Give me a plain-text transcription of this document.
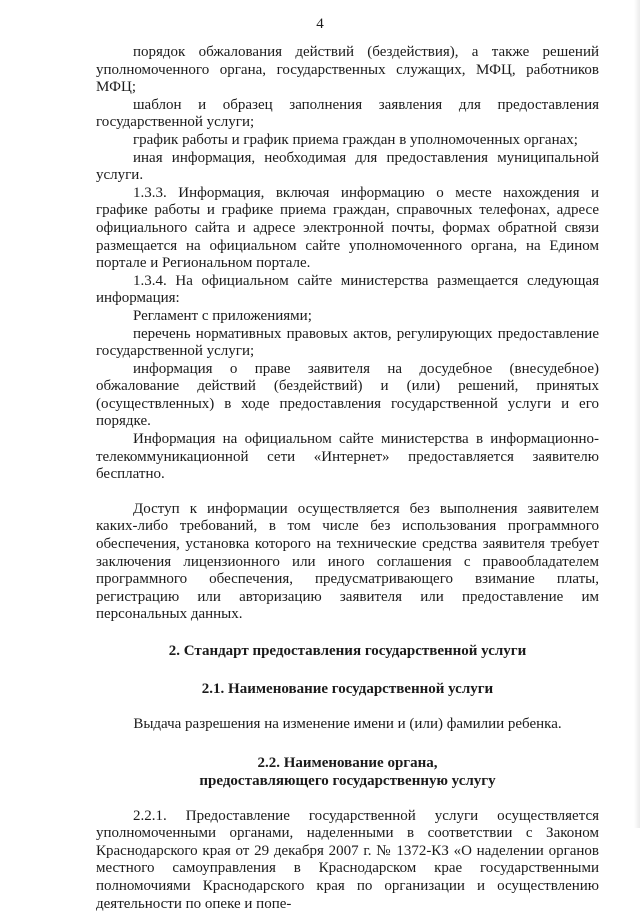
4

порядок обжалования действий (бездействия), а также решений уполномоченного органа, государственных служащих, МФЦ, работников МФЦ;

шаблон и образец заполнения заявления для предоставления государственной услуги;

график работы и график приема граждан в уполномоченных органах;

иная информация, необходимая для предоставления муниципальной услуги.

1.3.3. Информация, включая информацию о месте нахождения и графике работы и графике приема граждан, справочных телефонах, адресе официального сайта и адресе электронной почты, формах обратной связи размещается на официальном сайте уполномоченного органа, на Едином портале и Региональном портале.

1.3.4. На официальном сайте министерства размещается следующая информация:

Регламент с приложениями;

перечень нормативных правовых актов, регулирующих предоставление государственной услуги;

информация о праве заявителя на досудебное (внесудебное) обжалование действий (бездействий) и (или) решений, принятых (осуществленных) в ходе предоставления государственной услуги и его порядке.

Информация на официальном сайте министерства в информационно-телекоммуникационной сети «Интернет» предоставляется заявителю бесплатно.

Доступ к информации осуществляется без выполнения заявителем каких-либо требований, в том числе без использования программного обеспечения, установка которого на технические средства заявителя требует заключения лицензионного или иного соглашения с правообладателем программного обеспечения, предусматривающего взимание платы, регистрацию или авторизацию заявителя или предоставление им персональных данных.

2. Стандарт предоставления государственной услуги
2.1. Наименование государственной услуги

Выдача разрешения на изменение имени и (или) фамилии ребенка.

2.2. Наименование органа,
предоставляющего государственную услугу

2.2.1. Предоставление государственной услуги осуществляется уполномоченными органами, наделенными в соответствии с Законом Краснодарского края от 29 декабря 2007 г. № 1372-КЗ «О наделении органов местного самоуправления в Краснодарском крае государственными полномочиями Краснодарского края по организации и осуществлению деятельности по опеке и попе-
